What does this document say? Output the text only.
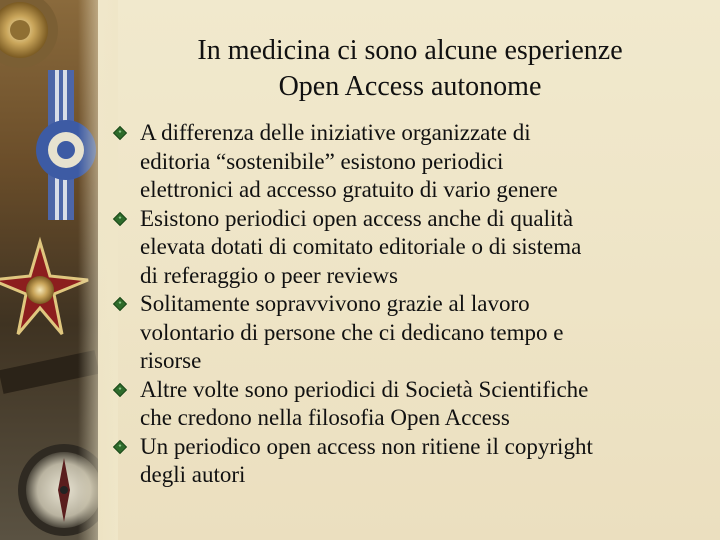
In medicina ci sono alcune esperienze
Open Access autonome
A differenza delle iniziative organizzate di
editoria “sostenibile” esistono periodici
elettronici ad accesso gratuito di vario genere
Esistono periodici open access anche di qualità
elevata dotati di comitato editoriale o di sistema
di referaggio o peer reviews
Solitamente sopravvivono grazie al lavoro
volontario di persone che ci dedicano tempo e
risorse
Altre volte sono periodici di Società Scientifiche
che credono nella filosofia Open Access
Un periodico open access non ritiene il copyright
degli autori
